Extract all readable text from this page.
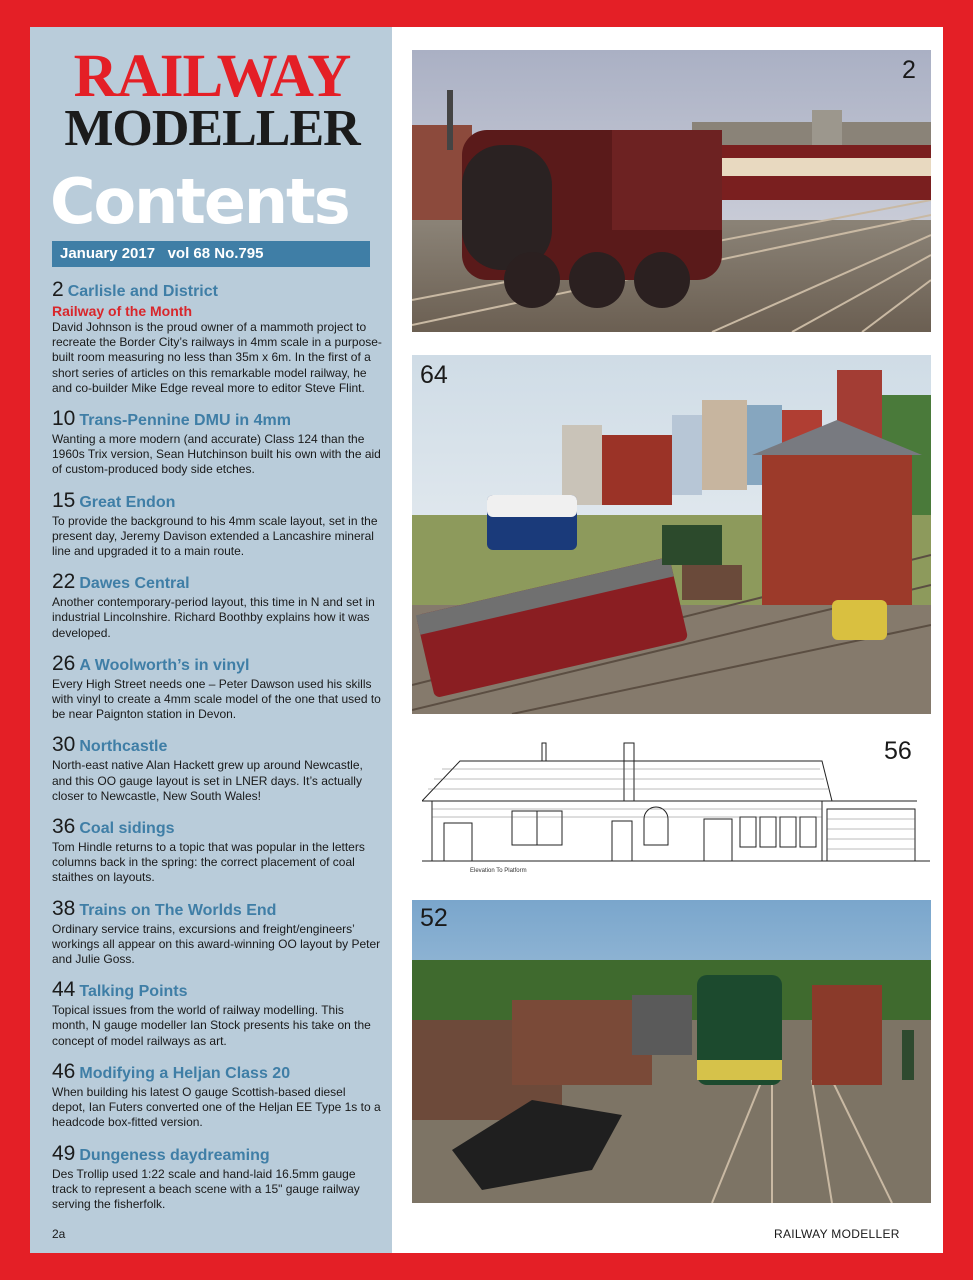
RAILWAY
MODELLER
Contents
January 2017   vol 68 No.795
2 Carlisle and District
Railway of the Month
David Johnson is the proud owner of a mammoth project to recreate the Border City’s railways in 4mm scale in a purpose-built room measuring no less than 35m x 6m. In the first of a short series of articles on this remarkable model railway, he and co-builder Mike Edge reveal more to editor Steve Flint.
10 Trans-Pennine DMU in 4mm
Wanting a more modern (and accurate) Class 124 than the 1960s Trix version, Sean Hutchinson built his own with the aid of custom-produced body side etches.
15 Great Endon
To provide the background to his 4mm scale layout, set in the present day, Jeremy Davison extended a Lancashire mineral line and upgraded it to a main route.
22 Dawes Central
Another contemporary-period layout, this time in N and set in industrial Lincolnshire. Richard Boothby explains how it was developed.
26 A Woolworth’s in vinyl
Every High Street needs one – Peter Dawson used his skills with vinyl to create a 4mm scale model of the one that used to be near Paignton station in Devon.
30 Northcastle
North-east native Alan Hackett grew up around Newcastle, and this OO gauge layout is set in LNER days. It’s actually closer to Newcastle, New South Wales!
36 Coal sidings
Tom Hindle returns to a topic that was popular in the letters columns back in the spring: the correct placement of coal staithes on layouts.
38 Trains on The Worlds End
Ordinary service trains, excursions and freight/engineers’ workings all appear on this award-winning OO layout by Peter and Julie Goss.
44 Talking Points
Topical issues from the world of railway modelling. This month, N gauge modeller Ian Stock presents his take on the concept of model railways as art.
46 Modifying a Heljan Class 20
When building his latest O gauge Scottish-based diesel depot, Ian Futers converted one of the Heljan EE Type 1s to a headcode box-fitted version.
49 Dungeness daydreaming
Des Trollip used 1:22 scale and hand-laid 16.5mm gauge track to represent a beach scene with a 15" gauge railway serving the fisherfolk.
2a
2
64
56
Elevation To Platform
52
RAILWAY MODELLER
